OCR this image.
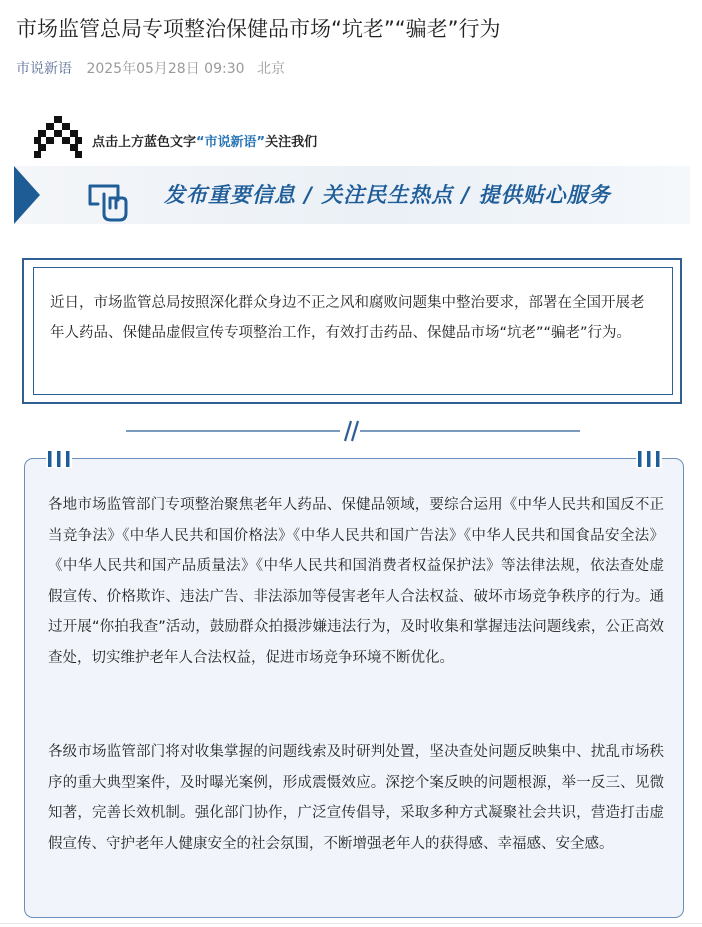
市场监管总局专项整治保健品市场“坑老”“骗老”行为
市说新语 2025年05月28日 09:30 北京
点击上方蓝色文字“市说新语”关注我们
发布重要信息 / 关注民生热点 / 提供贴心服务

近日，市场监管总局按照深化群众身边不正之风和腐败问题集中整治要求，部署在全国开展老年人药品、保健品虚假宣传专项整治工作，有效打击药品、保健品市场“坑老”“骗老”行为。

各地市场监管部门专项整治聚焦老年人药品、保健品领域，要综合运用《中华人民共和国反不正当竞争法》《中华人民共和国价格法》《中华人民共和国广告法》《中华人民共和国食品安全法》《中华人民共和国产品质量法》《中华人民共和国消费者权益保护法》等法律法规，依法查处虚假宣传、价格欺诈、违法广告、非法添加等侵害老年人合法权益、破坏市场竞争秩序的行为。通过开展“你拍我查”活动，鼓励群众拍摄涉嫌违法行为，及时收集和掌握违法问题线索，公正高效查处，切实维护老年人合法权益，促进市场竞争环境不断优化。

各级市场监管部门将对收集掌握的问题线索及时研判处置，坚决查处问题反映集中、扰乱市场秩序的重大典型案件，及时曝光案例，形成震慑效应。深挖个案反映的问题根源，举一反三、见微知著，完善长效机制。强化部门协作，广泛宣传倡导，采取多种方式凝聚社会共识，营造打击虚假宣传、守护老年人健康安全的社会氛围，不断增强老年人的获得感、幸福感、安全感。
